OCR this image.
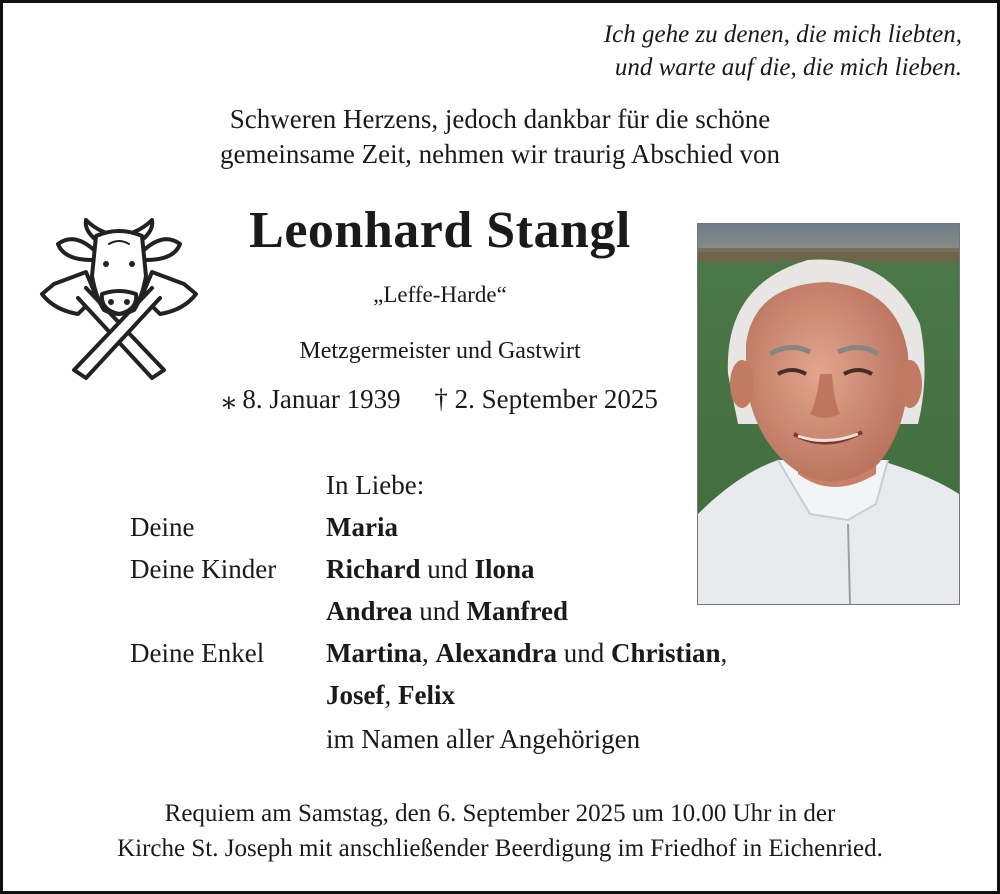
Ich gehe zu denen, die mich liebten,
und warte auf die, die mich lieben.
Schweren Herzens, jedoch dankbar für die schöne
gemeinsame Zeit, nehmen wir traurig Abschied von
Leonhard Stangl
„Leffe-Harde“
Metzgermeister und Gastwirt
⁎ 8. Januar 1939 † 2. September 2025
In Liebe:
Deine	Maria
Deine Kinder Richard und Ilona
Andrea und Manfred
Deine Enkel Martina, Alexandra und Christian,
Josef, Felix
im Namen aller Angehörigen
Requiem am Samstag, den 6. September 2025 um 10.00 Uhr in der
Kirche St. Joseph mit anschließender Beerdigung im Friedhof in Eichenried.
